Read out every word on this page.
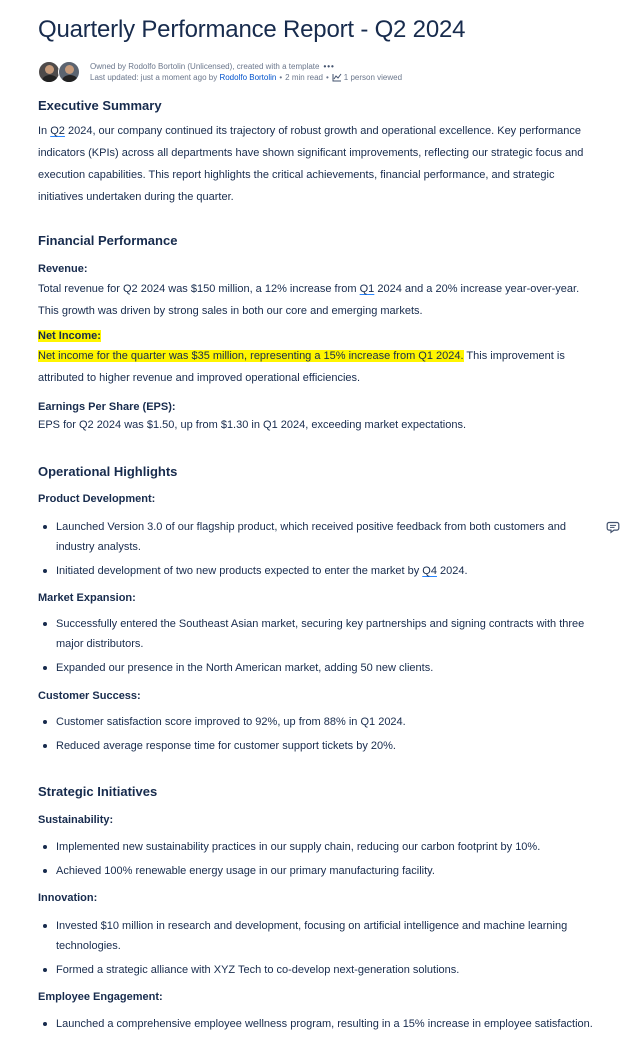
Quarterly Performance Report - Q2 2024
Owned by Rodolfo Bortolin (Unlicensed), created with a template •••
Last updated: just a moment ago by Rodolfo Bortolin • 2 min read • 1 person viewed
Executive Summary

In Q2 2024, our company continued its trajectory of robust growth and operational excellence. Key performance indicators (KPIs) across all departments have shown significant improvements, reflecting our strategic focus and execution capabilities. This report highlights the critical achievements, financial performance, and strategic initiatives undertaken during the quarter.

Financial Performance
Revenue:

Total revenue for Q2 2024 was $150 million, a 12% increase from Q1 2024 and a 20% increase year-over-year. This growth was driven by strong sales in both our core and emerging markets.

Net Income:

Net income for the quarter was $35 million, representing a 15% increase from Q1 2024. This improvement is attributed to higher revenue and improved operational efficiencies.

Earnings Per Share (EPS):

EPS for Q2 2024 was $1.50, up from $1.30 in Q1 2024, exceeding market expectations.

Operational Highlights
Product Development:
Launched Version 3.0 of our flagship product, which received positive feedback from both customers and industry analysts.
Initiated development of two new products expected to enter the market by Q4 2024.
Market Expansion:
Successfully entered the Southeast Asian market, securing key partnerships and signing contracts with three major distributors.
Expanded our presence in the North American market, adding 50 new clients.
Customer Success:
Customer satisfaction score improved to 92%, up from 88% in Q1 2024.
Reduced average response time for customer support tickets by 20%.
Strategic Initiatives
Sustainability:
Implemented new sustainability practices in our supply chain, reducing our carbon footprint by 10%.
Achieved 100% renewable energy usage in our primary manufacturing facility.
Innovation:
Invested $10 million in research and development, focusing on artificial intelligence and machine learning technologies.
Formed a strategic alliance with XYZ Tech to co-develop next-generation solutions.
Employee Engagement:
Launched a comprehensive employee wellness program, resulting in a 15% increase in employee satisfaction.
